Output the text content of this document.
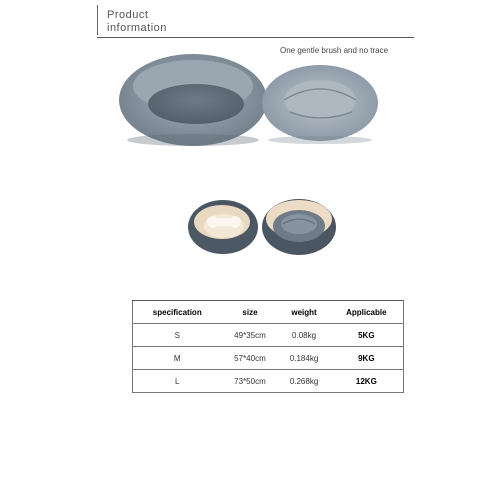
Product
information
One gentle brush and no trace
specification	size	weight	Applicable
S	49*35cm	0.08kg	5KG
M	57*40cm	0.184kg	9KG
L	73*50cm	0.268kg	12KG
